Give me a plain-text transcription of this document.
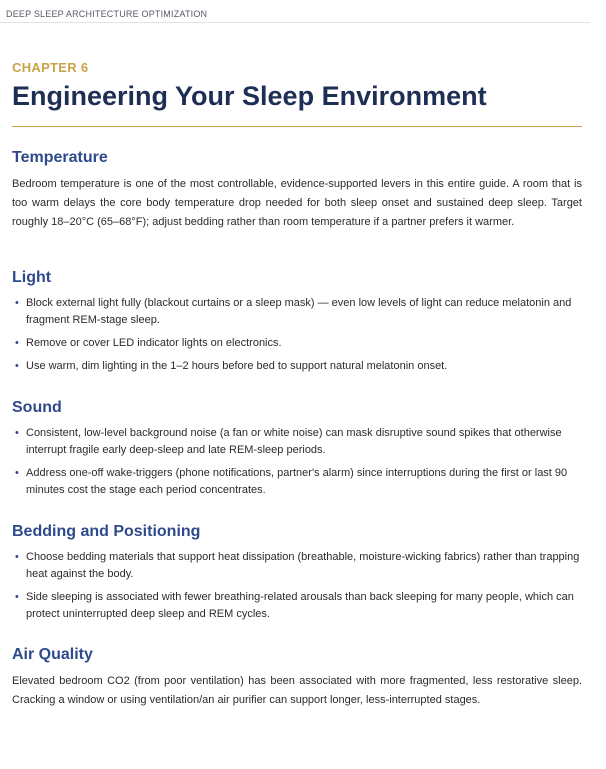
DEEP SLEEP ARCHITECTURE OPTIMIZATION
CHAPTER 6
Engineering Your Sleep Environment
Temperature

Bedroom temperature is one of the most controllable, evidence-supported levers in this entire guide. A room that is too warm delays the core body temperature drop needed for both sleep onset and sustained deep sleep. Target roughly 18–20°C (65–68°F); adjust bedding rather than room temperature if a partner prefers it warmer.

Light
• Block external light fully (blackout curtains or a sleep mask) — even low levels of light can reduce melatonin and fragment REM-stage sleep.
• Remove or cover LED indicator lights on electronics.
• Use warm, dim lighting in the 1–2 hours before bed to support natural melatonin onset.
Sound
• Consistent, low-level background noise (a fan or white noise) can mask disruptive sound spikes that otherwise interrupt fragile early deep-sleep and late REM-sleep periods.
• Address one-off wake-triggers (phone notifications, partner's alarm) since interruptions during the first or last 90 minutes cost the stage each period concentrates.
Bedding and Positioning
• Choose bedding materials that support heat dissipation (breathable, moisture-wicking fabrics) rather than trapping heat against the body.
• Side sleeping is associated with fewer breathing-related arousals than back sleeping for many people, which can protect uninterrupted deep sleep and REM cycles.
Air Quality

Elevated bedroom CO2 (from poor ventilation) has been associated with more fragmented, less restorative sleep. Cracking a window or using ventilation/an air purifier can support longer, less-interrupted stages.
